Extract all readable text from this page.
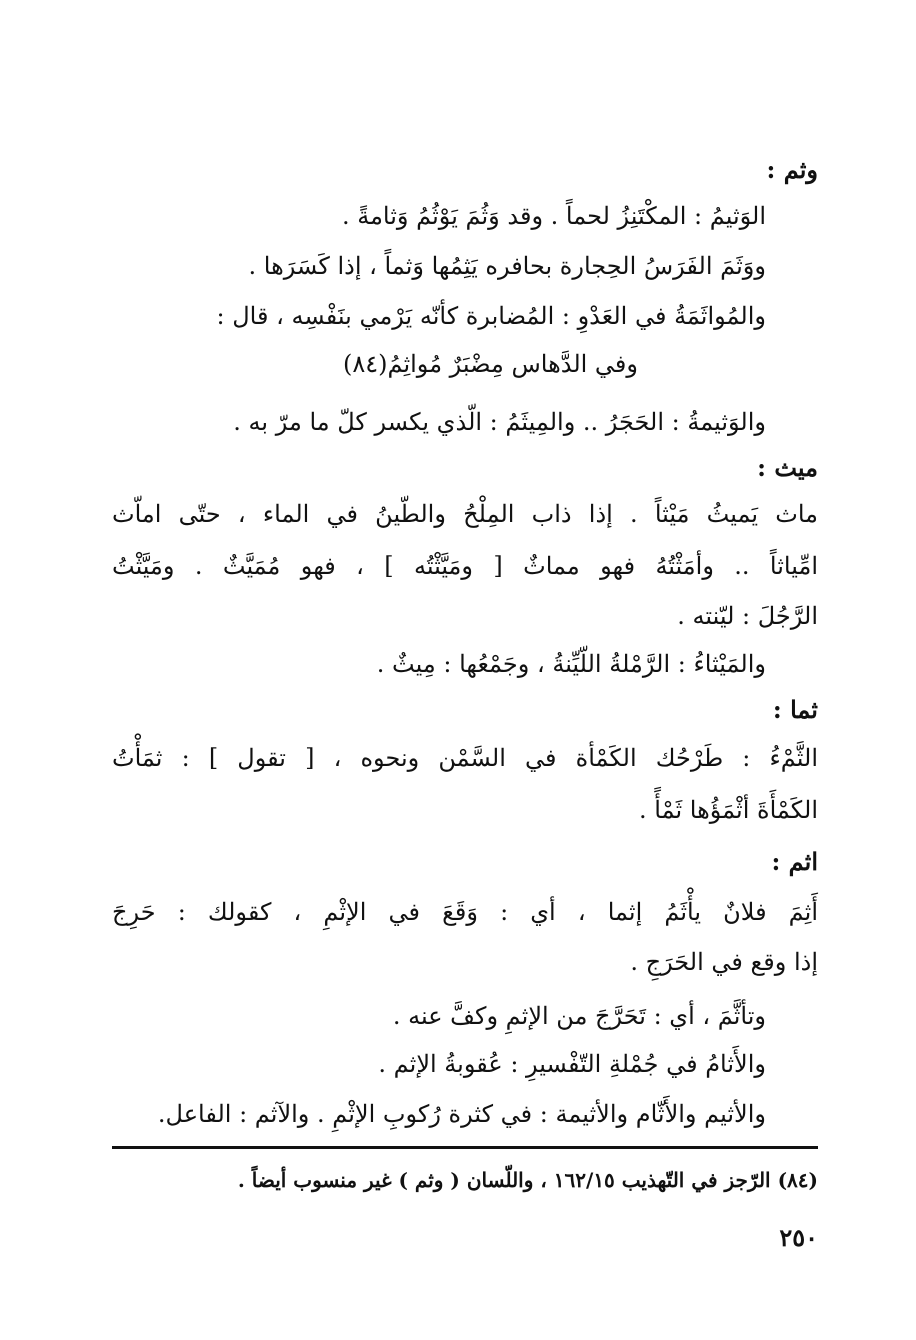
وثم :
الوَثيمُ : المكْتَنِزُ لحماً . وقد وَثُمَ يَوْثُمُ وَثامةً .
ووَثَمَ الفَرَسُ الحِجارة بحافره يَثِمُها وَثماً ، إذا كَسَرَها .
والمُواثَمَةُ في العَدْوِ : المُضابرة كأنّه يَرْمي بنَفْسِه ، قال :
وفي الدَّهاس مِضْبَرٌ مُواثِمُ(٨٤)
والوَثيمةُ : الحَجَرُ .. والمِيثَمُ : الّذي يكسر كلّ ما مرّ به .
ميث :
ماث يَميثُ مَيْثاً . إذا ذاب المِلْحُ والطّينُ في الماء ، حتّى اماّث
امِّياثاً .. وأمَثْتُهُ فهو مماثٌ [ ومَيَّثْتُه ] ، فهو مُمَيَّثٌ . ومَيَّثْتُ
الرَّجُلَ : ليّنته .
والمَيْثاءُ : الرَّمْلةُ اللّيِّنةُ ، وجَمْعُها : مِيثٌ .
ثما :
الثَّمْءُ : طَرْحُك الكَمْأة في السَّمْن ونحوه ، [ تقول ] : ثمَأْتُ
الكَمْأَةَ أثْمَؤُها ثَمْأً .
اثم :
أَثِمَ فلانٌ يأْثَمُ إثما ، أي : وَقَعَ في الإثْمِ ، كقولك : حَرِجَ
إذا وقع في الحَرَجِ .
وتأثَّمَ ، أي : تَحَرَّجَ من الإثمِ وكفَّ عنه .
والأَثامُ في جُمْلةِ التّفْسيرِ : عُقوبةُ الإثم .
والأثيم والأَثّام والأثيمة : في كثرة رُكوبِ الإثْمِ . والآثم : الفاعل.
(٨٤) الرّجز في التّهذيب ١٦٢/١٥ ، واللّسان ( وثم ) غير منسوب أيضاً .
٢٥٠
